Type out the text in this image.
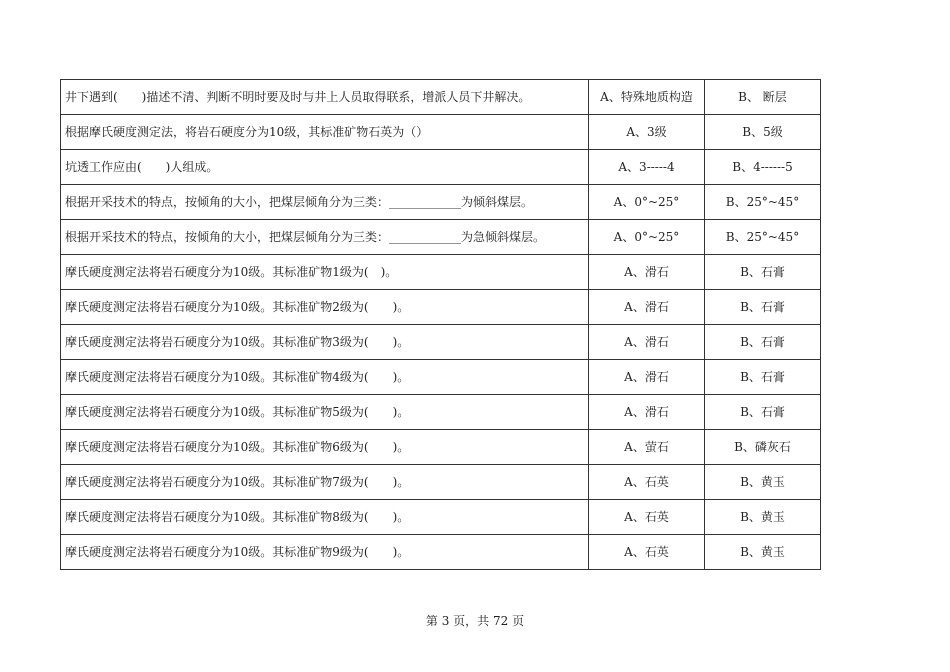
井下遇到(　　)描述不清、判断不明时要及时与井上人员取得联系，增派人员下井解决。	A、特殊地质构造	B、 断层
根据摩氏硬度测定法，将岩石硬度分为10级，其标准矿物石英为（）	A、3级	B、5级
坑透工作应由(　　)人组成。	A、3-----4	B、4------5
根据开采技术的特点，按倾角的大小，把煤层倾角分为三类：____________为倾斜煤层。	A、0°~25°	B、25°~45°
根据开采技术的特点，按倾角的大小，把煤层倾角分为三类：____________为急倾斜煤层。	A、0°~25°	B、25°~45°
摩氏硬度测定法将岩石硬度分为10级。其标准矿物1级为(　)。	A、滑石	B、石膏
摩氏硬度测定法将岩石硬度分为10级。其标准矿物2级为(　　)。	A、滑石	B、石膏
摩氏硬度测定法将岩石硬度分为10级。其标准矿物3级为(　　)。	A、滑石	B、石膏
摩氏硬度测定法将岩石硬度分为10级。其标准矿物4级为(　　)。	A、滑石	B、石膏
摩氏硬度测定法将岩石硬度分为10级。其标准矿物5级为(　　)。	A、滑石	B、石膏
摩氏硬度测定法将岩石硬度分为10级。其标准矿物6级为(　　)。	A、萤石	B、磷灰石
摩氏硬度测定法将岩石硬度分为10级。其标准矿物7级为(　　)。	A、石英	B、黄玉
摩氏硬度测定法将岩石硬度分为10级。其标准矿物8级为(　　)。	A、石英	B、黄玉
摩氏硬度测定法将岩石硬度分为10级。其标准矿物9级为(　　)。	A、石英	B、黄玉
第 3 页，共 72 页
